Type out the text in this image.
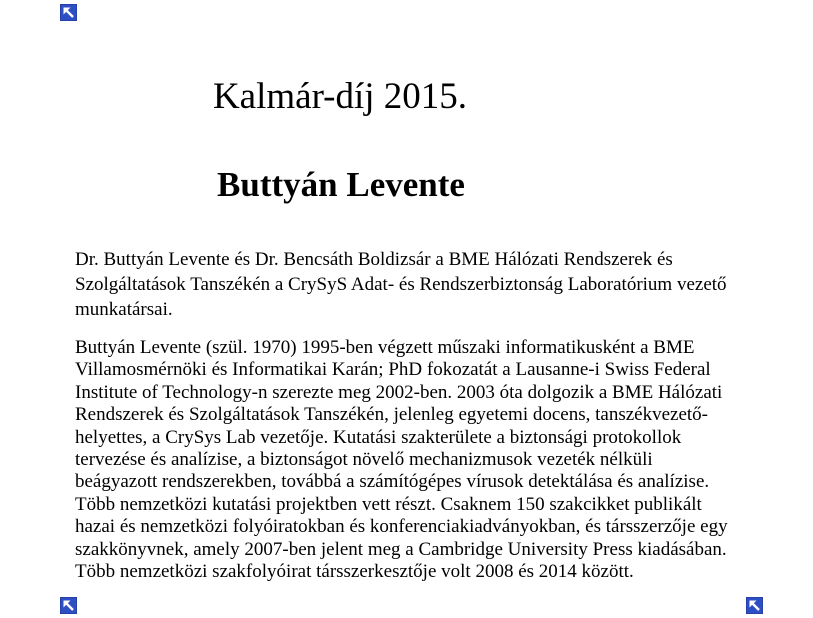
Kalmár-díj 2015.
Buttyán Levente
Dr. Buttyán Levente és Dr. Bencsáth Boldizsár a BME Hálózati Rendszerek és
Szolgáltatások Tanszékén a CrySyS Adat- és Rendszerbiztonság Laboratórium vezető
munkatársai.
Buttyán Levente (szül. 1970) 1995-ben végzett műszaki informatikusként a BME
Villamosmérnöki és Informatikai Karán; PhD fokozatát a Lausanne-i Swiss Federal
Institute of Technology-n szerezte meg 2002-ben. 2003 óta dolgozik a BME Hálózati
Rendszerek és Szolgáltatások Tanszékén, jelenleg egyetemi docens, tanszékvezető-
helyettes, a CrySys Lab vezetője. Kutatási szakterülete a biztonsági protokollok
tervezése és analízise, a biztonságot növelő mechanizmusok vezeték nélküli
beágyazott rendszerekben, továbbá a számítógépes vírusok detektálása és analízise.
Több nemzetközi kutatási projektben vett részt. Csaknem 150 szakcikket publikált
hazai és nemzetközi folyóiratokban és konferenciakiadványokban, és társszerzője egy
szakkönyvnek, amely 2007-ben jelent meg a Cambridge University Press kiadásában.
Több nemzetközi szakfolyóirat társszerkesztője volt 2008 és 2014 között.
